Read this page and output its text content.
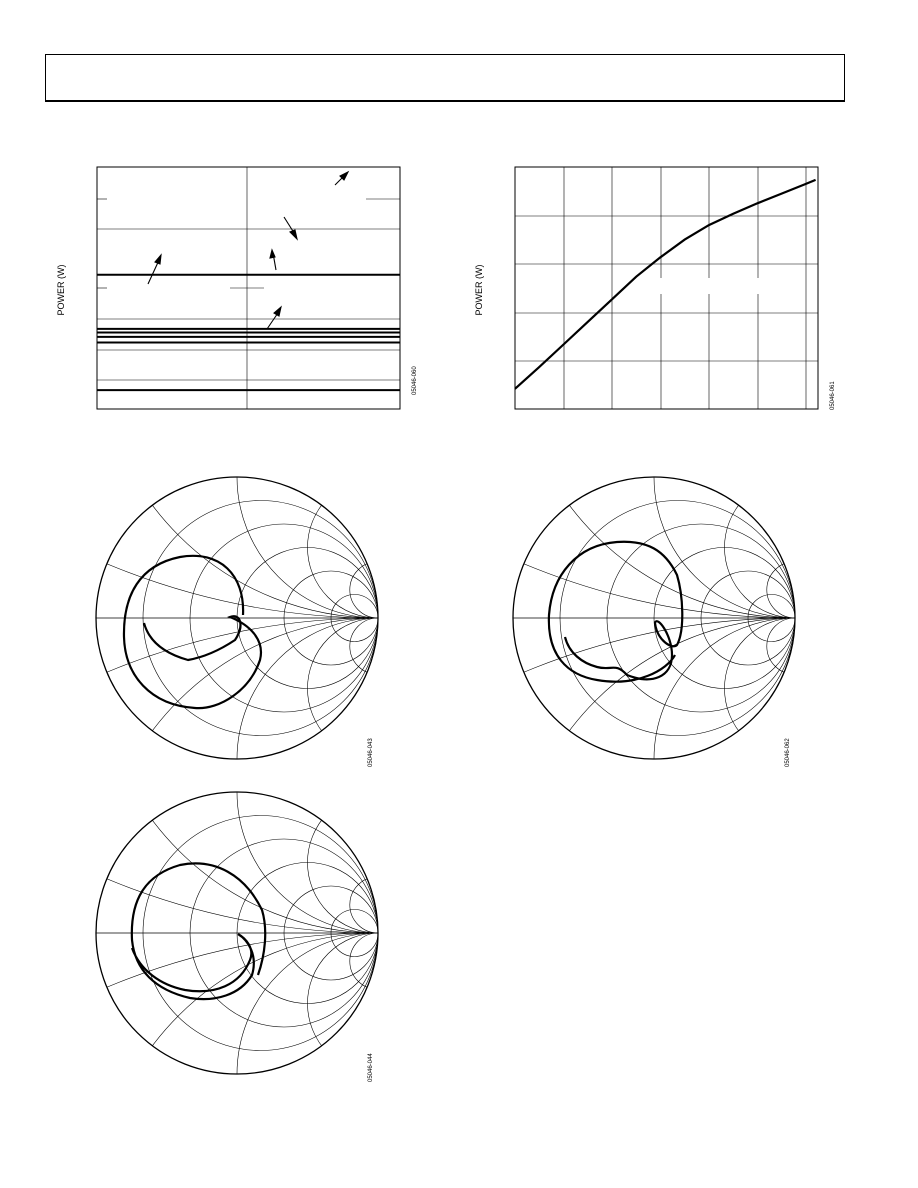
POWER (W)
05046-060
POWER (W)
05046-061
05046-043	05046-062
05046-044
